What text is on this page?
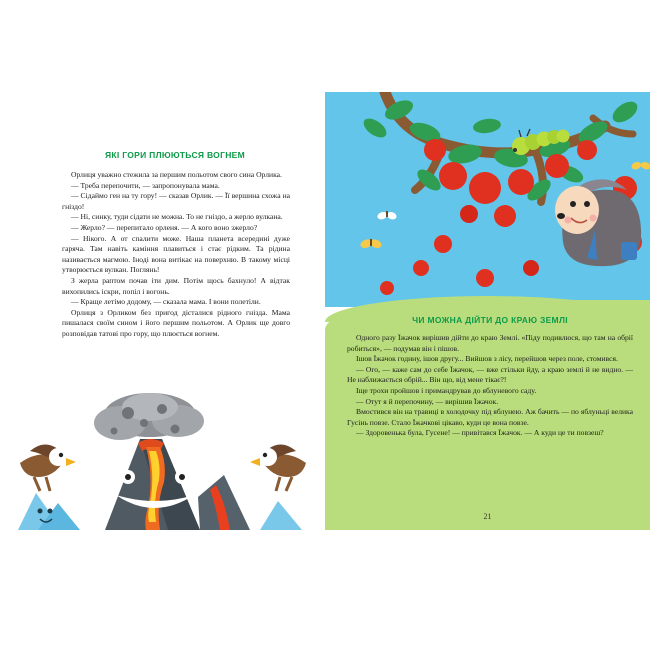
ЯКІ ГОРИ ПЛЮЮТЬСЯ ВОГНЕМ

Орлиця уважно стежила за першим польотом свого сина Орлика.

— Треба перепочити, — запропонувала мама.

— Сідаймо ген на ту гору! — сказав Орлик. — Її вершина схожа на гніздо!

— Ні, синку, туди сідати не можна. То не гніздо, а жерло вулкана.

— Жерло? — перепитало орленя. — А кого воно зжерло?

— Нікого. А от спалити може. Наша планета всередині дуже гаряча. Там навіть каміння плавиться і стає рідким. Та рідина називається магмою. Іноді вона витікає на поверхню. В такому місці утворюється вулкан. Поглянь!

З жерла раптом почав іти дим. Потім щось бахнуло! А відтак вихопились іскри, попіл і вогонь.

— Краще летімо додому, — сказала мама. І вони полетіли.

Орлиця з Орликом без пригод дісталися рідного гнізда. Мама пишалася своїм сином і його першим польотом. А Орлик ще довго розповідав татові про гору, що плюється вогнем.

ЧИ МОЖНА ДІЙТИ ДО КРАЮ ЗЕМЛІ

Одного разу Їжачок вирішив дійти до краю Землі. «Піду подивлюся, що там на обрії робиться», — подумав він і пішов.

Ішов Їжачок годину, ішов другу... Вийшов з лісу, перейшов через поле, стомився.

— Ого, — каже сам до себе Їжачок, — вже стільки йду, а краю землі й не видно. — Не наближається обрій... Він що, від мене тікає?!

Іще трохи пройшов і примандрував до яблуневого саду.

— Отут я й перепочину, — вирішив Їжачок.

Вмостився він на травиці в холодочку під яблунею. Аж бачить — по яблуньці велика Гусінь повзе. Стало Їжачкові цікаво, куди це вона повзе.

— Здоровенька була, Гусене! — привітався Їжачок. — А куди це ти повзеш?

21
